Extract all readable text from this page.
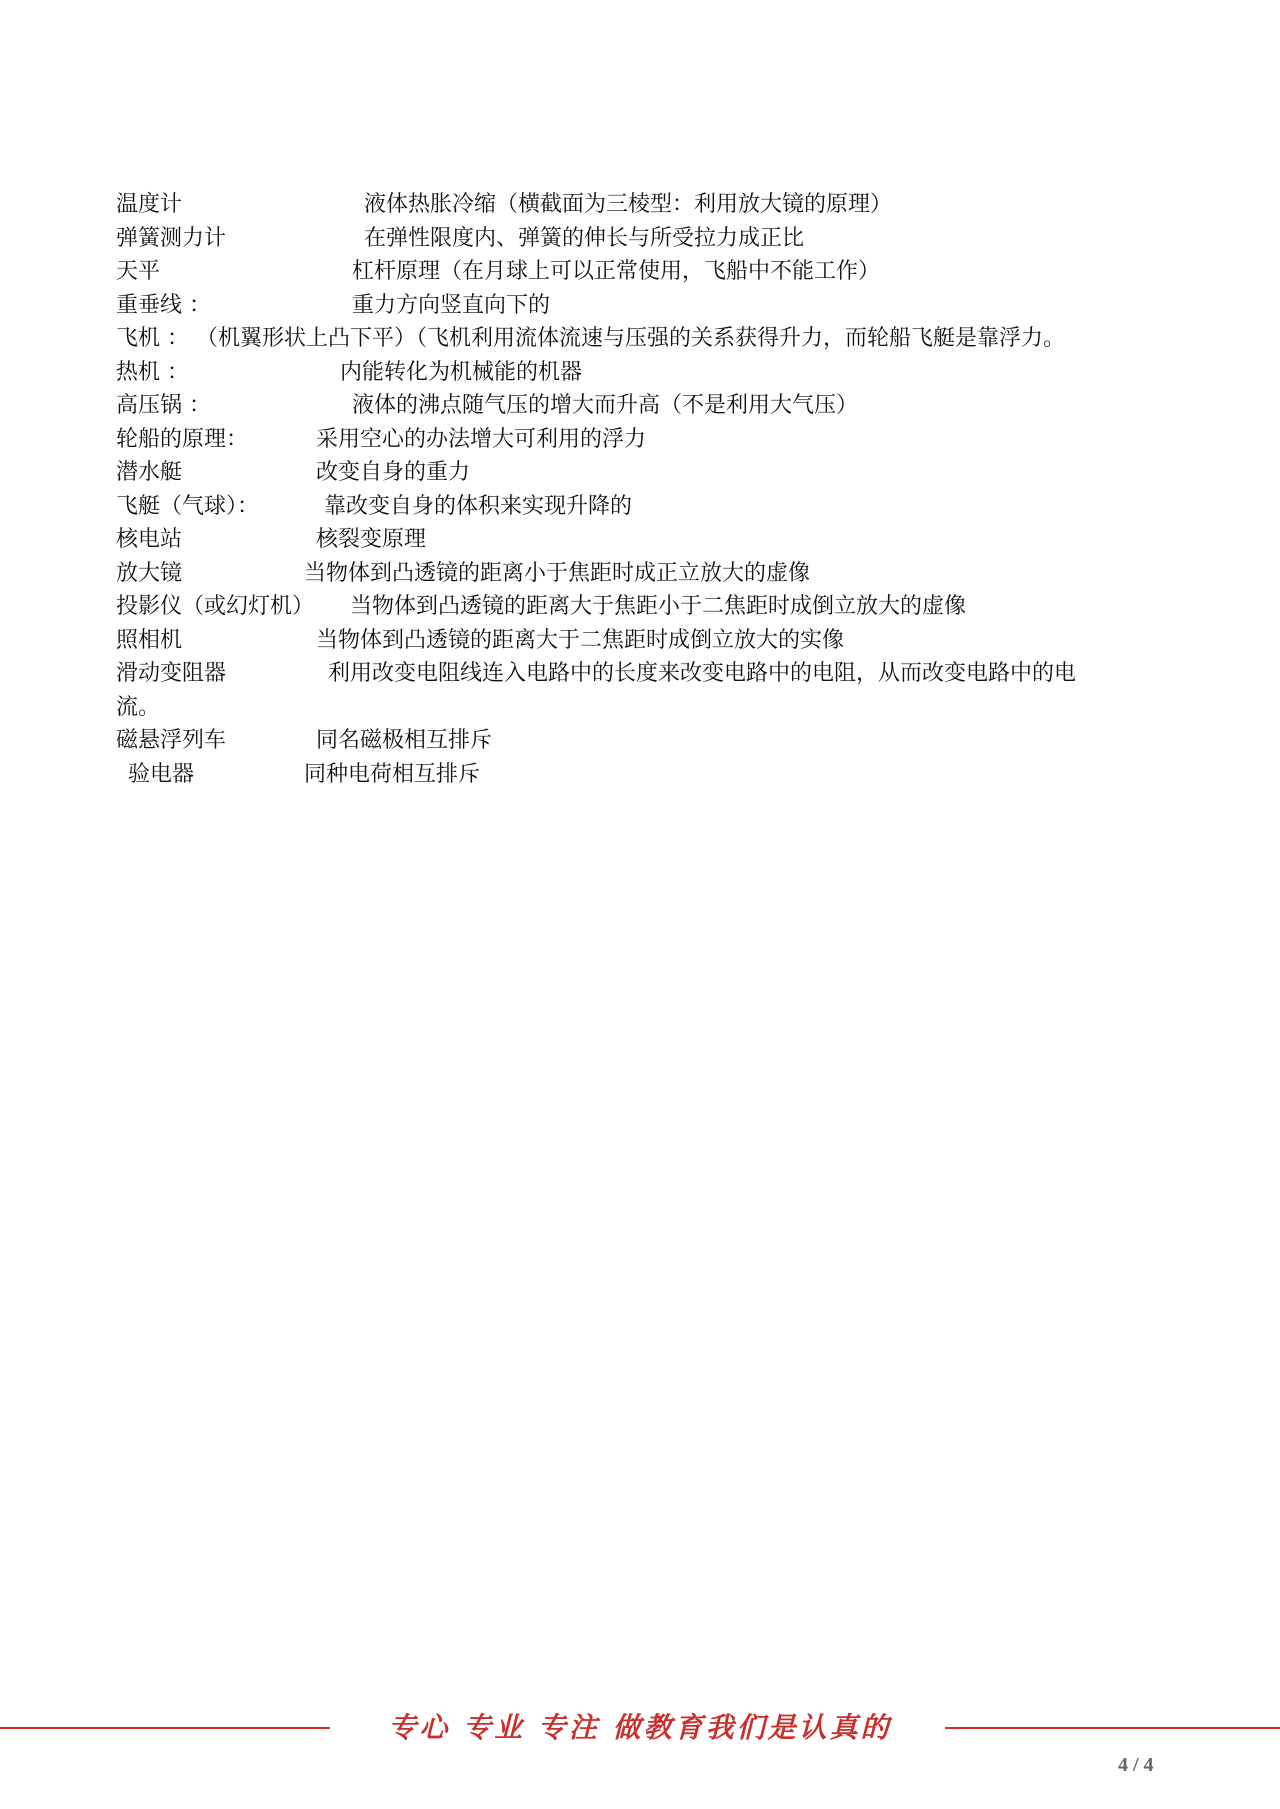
温度计	液体热胀冷缩（横截面为三棱型：利用放大镜的原理）
弹簧测力计	在弹性限度内、弹簧的伸长与所受拉力成正比
天平	杠杆原理（在月球上可以正常使用，飞船中不能工作）
重垂线 ：	重力方向竖直向下的
飞机 ： （机翼形状上凸下平）（飞机利用流体流速与压强的关系获得升力，而轮船飞艇是靠浮力。
热机 ：	内能转化为机械能的机器
高压锅 ：	液体的沸点随气压的增大而升高（不是利用大气压）
轮船的原理：	采用空心的办法增大可利用的浮力
潜水艇	改变自身的重力
飞艇（气球）：	靠改变自身的体积来实现升降的
核电站	核裂变原理
放大镜	当物体到凸透镜的距离小于焦距时成正立放大的虚像
投影仪（或幻灯机） 当物体到凸透镜的距离大于焦距小于二焦距时成倒立放大的虚像
照相机	当物体到凸透镜的距离大于二焦距时成倒立放大的实像
滑动变阻器	利用改变电阻线连入电路中的长度来改变电路中的电阻，从而改变电路中的电
流。
磁悬浮列车	同名磁极相互排斥
验电器	同种电荷相互排斥
专心 专业 专注 做教育我们是认真的
4 / 4
